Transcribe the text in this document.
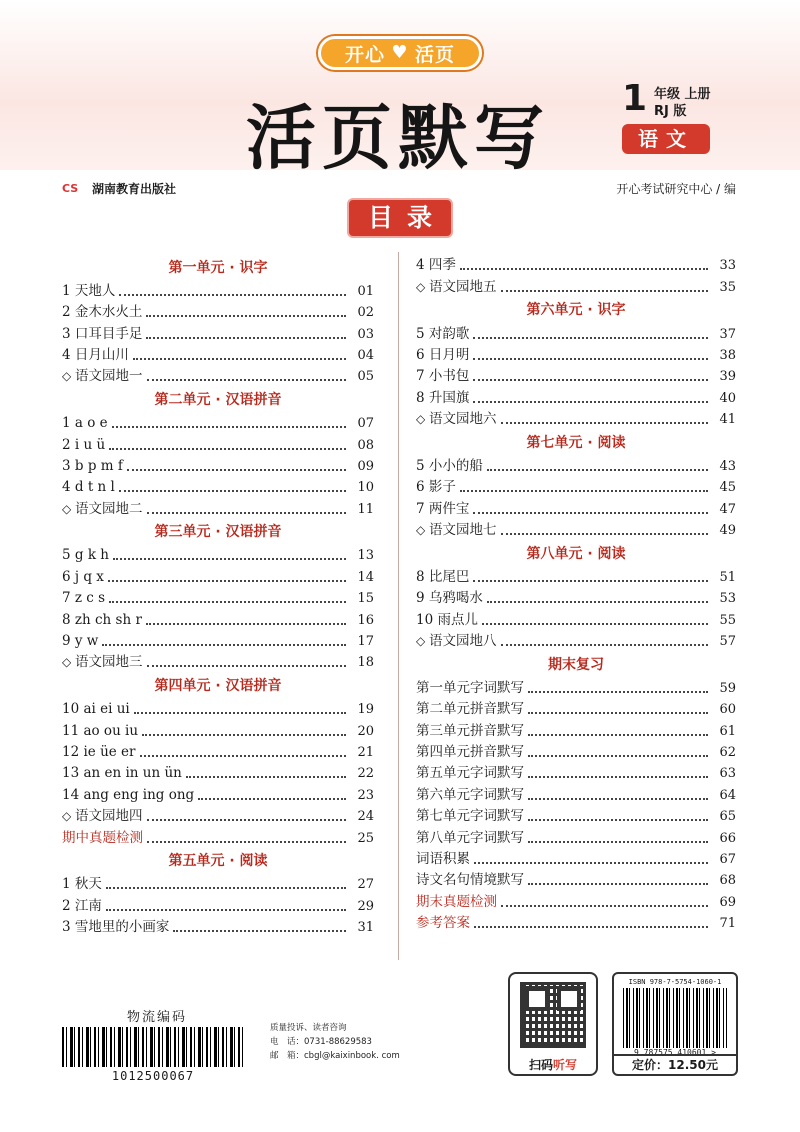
开心 ♥ 活页
活页默写	1 年级 上册
RJ 版
语文
CS	湖南教育出版社	开心考试研究中心 / 编
目录
第一单元 · 识字
1 天地人	01
2 金木水火土	02
3 口耳目手足	03
4 日月山川	04
◇ 语文园地一	05
第二单元 · 汉语拼音
1 a o e	07
2 i u ü	08
3 b p m f	09
4 d t n l	10
◇ 语文园地二	11
第三单元 · 汉语拼音
5 g k h	13
6 j q x	14
7 z c s	15
8 zh ch sh r	16
9 y w	17
◇ 语文园地三	18
第四单元 · 汉语拼音
10 ai ei ui	19
11 ao ou iu	20
12 ie üe er	21
13 an en in un ün	22
14 ang eng ing ong	23
◇ 语文园地四	24
期中真题检测	25
第五单元 · 阅读
1 秋天	27
2 江南	29
3 雪地里的小画家	31
4 四季	33
◇ 语文园地五	35
第六单元 · 识字
5 对韵歌	37
6 日月明	38
7 小书包	39
8 升国旗	40
◇ 语文园地六	41
第七单元 · 阅读
5 小小的船	43
6 影子	45
7 两件宝	47
◇ 语文园地七	49
第八单元 · 阅读
8 比尾巴	51
9 乌鸦喝水	53
10 雨点儿	55
◇ 语文园地八	57
期末复习
第一单元字词默写	59
第二单元拼音默写	60
第三单元拼音默写	61
第四单元拼音默写	62
第五单元字词默写	63
第六单元字词默写	64
第七单元字词默写	65
第八单元字词默写	66
词语积累	67
诗文名句情境默写	68
期末真题检测	69
参考答案	71
物流编码
1012500067
质量投诉、读者咨询
电　话：0731-88629583
邮　箱：cbgl@kaixinbook. com
扫码听写
ISBN 978-7-5754-1060-1
9 787575 410601 >
定价：12.50元
